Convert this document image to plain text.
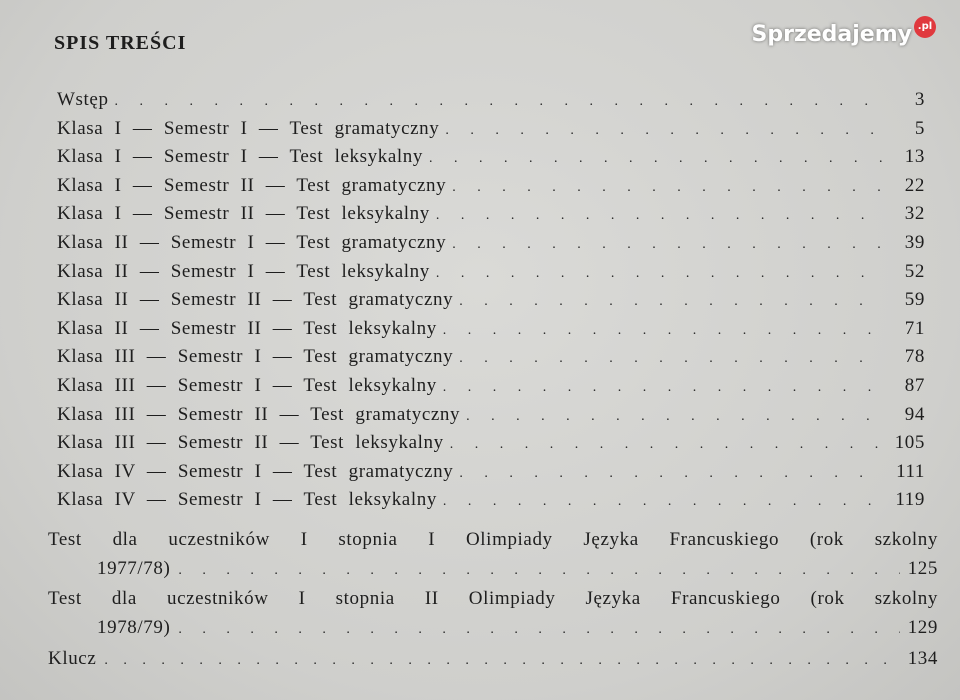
SPIS TREŚCI
Wstęp . . .	3
Klasa I — Semestr I — Test gramatyczny . . .	5
Klasa I — Semestr I — Test leksykalny . . .	13
Klasa I — Semestr II — Test gramatyczny . . .	22
Klasa I — Semestr II — Test leksykalny . . .	32
Klasa II — Semestr I — Test gramatyczny . . .	39
Klasa II — Semestr I — Test leksykalny . . .	52
Klasa II — Semestr II — Test gramatyczny . . .	59
Klasa II — Semestr II — Test leksykalny . . .	71
Klasa III — Semestr I — Test gramatyczny . . .	78
Klasa III — Semestr I — Test leksykalny . . .	87
Klasa III — Semestr II — Test gramatyczny . . .	94
Klasa III — Semestr II — Test leksykalny . . .	105
Klasa IV — Semestr I — Test gramatyczny . . .	111
Klasa IV — Semestr I — Test leksykalny . . .	119
Test dla uczestników I stopnia I Olimpiady Języka Francuskiego (rok szkolny
1977/78) . . .	125
Test dla uczestników I stopnia II Olimpiady Języka Francuskiego (rok szkolny
1978/79) . . .	129
Klucz . . .	134
Sprzedajemy .pl
